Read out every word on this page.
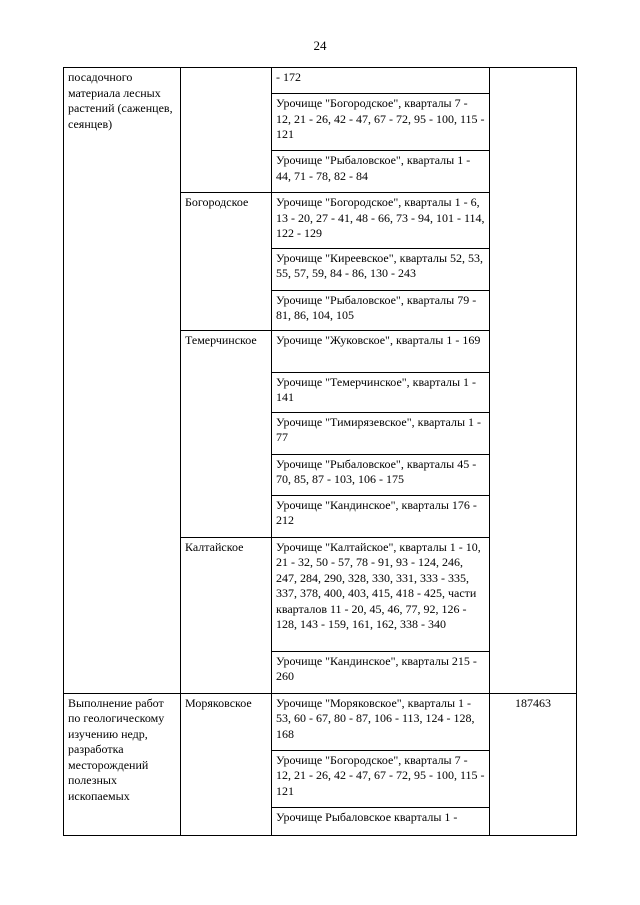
24
посадочного материала лесных растений (саженцев, сеянцев)		- 172	
		Урочище "Богородское", кварталы 7 - 12, 21 - 26, 42 - 47, 67 - 72, 95 - 100, 115 - 121	
		Урочище "Рыбаловское", кварталы 1 - 44, 71 - 78, 82 - 84	
	Богородское	Урочище "Богородское", кварталы 1 - 6, 13 - 20, 27 - 41, 48 - 66, 73 - 94, 101 - 114, 122 - 129	
		Урочище "Киреевское", кварталы 52, 53, 55, 57, 59, 84 - 86, 130 - 243	
		Урочище "Рыбаловское", кварталы 79 - 81, 86, 104, 105	
	Темерчинское	Урочище "Жуковское", кварталы 1 - 169	
		Урочище "Темерчинское", кварталы 1 - 141	
		Урочище "Тимирязевское", кварталы 1 - 77	
		Урочище "Рыбаловское", кварталы 45 - 70, 85, 87 - 103, 106 - 175	
		Урочище "Кандинское", кварталы 176 - 212	
	Калтайское	Урочище "Калтайское", кварталы 1 - 10, 21 - 32, 50 - 57, 78 - 91, 93 - 124, 246, 247, 284, 290, 328, 330, 331, 333 - 335, 337, 378, 400, 403, 415, 418 - 425, части кварталов 11 - 20, 45, 46, 77, 92, 126 - 128, 143 - 159, 161, 162, 338 - 340	
		Урочище "Кандинское", кварталы 215 - 260	
Выполнение работ по геологическому изучению недр, разработка месторождений полезных ископаемых	Моряковское	Урочище "Моряковское", кварталы 1 - 53, 60 - 67, 80 - 87, 106 - 113, 124 - 128, 168	187463
		Урочище "Богородское", кварталы 7 - 12, 21 - 26, 42 - 47, 67 - 72, 95 - 100, 115 - 121	
		Урочище Рыбаловское кварталы 1 -	
